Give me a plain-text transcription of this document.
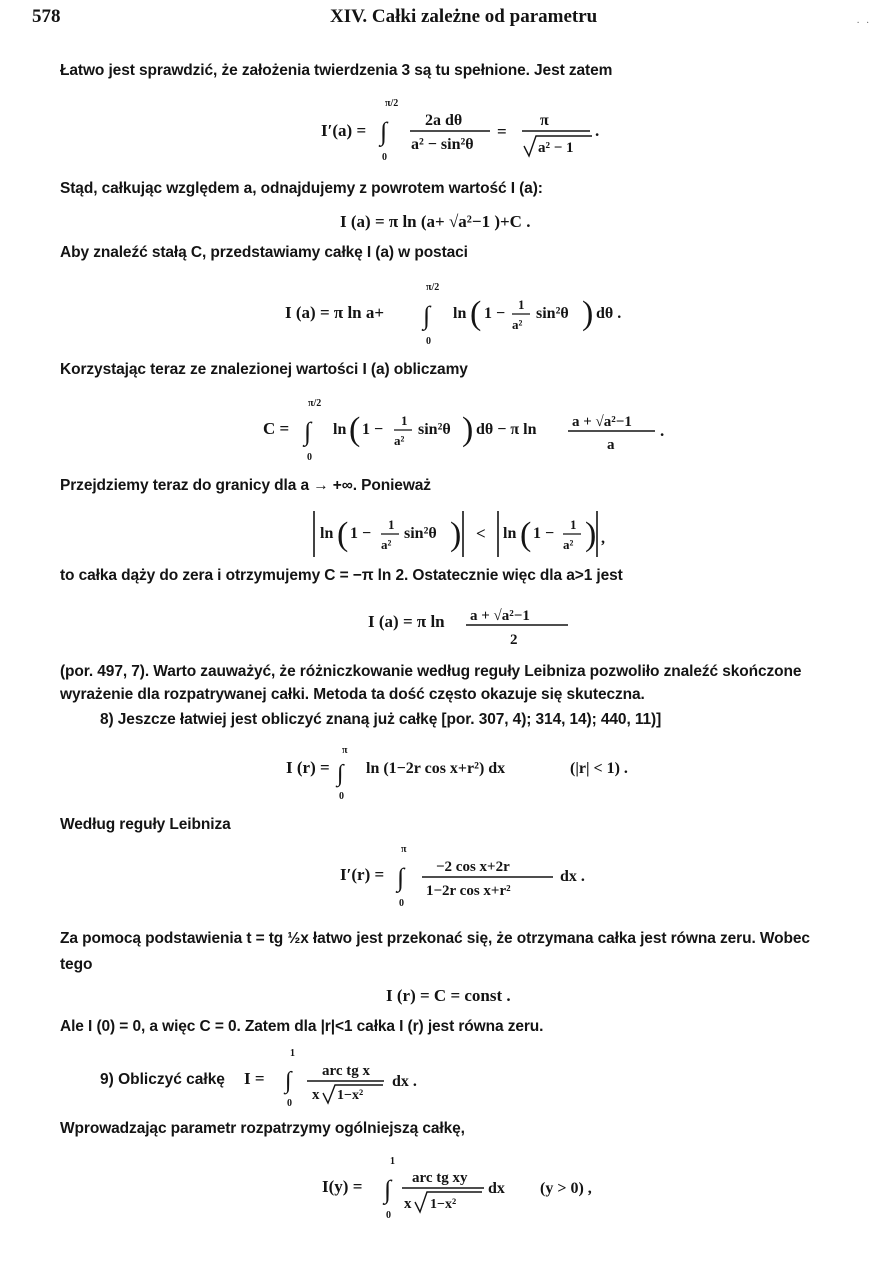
578	XIV. Całki zależne od parametru	. .
Łatwo jest sprawdzić, że założenia twierdzenia 3 są tu spełnione. Jest zatem
I′(a) =
π/2
∫
0
2a dθ
a² − sin²θ
=
π
a² − 1
.
Stąd, całkując względem a, odnajdujemy z powrotem wartość I (a):
I (a) = π ln (a+ √a²−1 )+C .
Aby znaleźć stałą C, przedstawiamy całkę I (a) w postaci
I (a) = π ln a+
π/2
∫
0
ln ( 1 −
1
a²
sin²θ ) dθ .
Korzystając teraz ze znalezionej wartości I (a) obliczamy
C =
π/2
∫
0
ln ( 1 −
1
a²
sin²θ ) dθ − π ln a + √a²−1
a
.
Przejdziemy teraz do granicy dla a → +∞. Ponieważ
ln ( 1 −
1
a²
sin²θ ) < ln ( 1 −
1
a² ) ,
to całka dąży do zera i otrzymujemy C = −π ln 2. Ostatecznie więc dla a>1 jest
I (a) = π ln a + √a²−1
2
(por. 497, 7). Warto zauważyć, że różniczkowanie według reguły Leibniza pozwoliło znaleźć skończone
wyrażenie dla rozpatrywanej całki. Metoda ta dość często okazuje się skuteczna.
8) Jeszcze łatwiej jest obliczyć znaną już całkę [por. 307, 4); 314, 14); 440, 11)]
I (r) =
π
∫
0
ln (1−2r cos x+r²) dx	(|r| < 1) .
Według reguły Leibniza
I′(r) =
π
∫
0
−2 cos x+2r
1−2r cos x+r²
dx .
Za pomocą podstawienia t = tg ½x łatwo jest przekonać się, że otrzymana całka jest równa zeru. Wobec
tego
I (r) = C = const .
Ale I (0) = 0, a więc C = 0. Zatem dla |r|<1 całka I (r) jest równa zeru.
9) Obliczyć całkę I =
1
∫
0
arc tg x
x 1−x²
dx .
Wprowadzając parametr rozpatrzymy ogólniejszą całkę,
I(y) =
1
∫
0
arc tg xy
x 1−x²
dx (y > 0) ,
